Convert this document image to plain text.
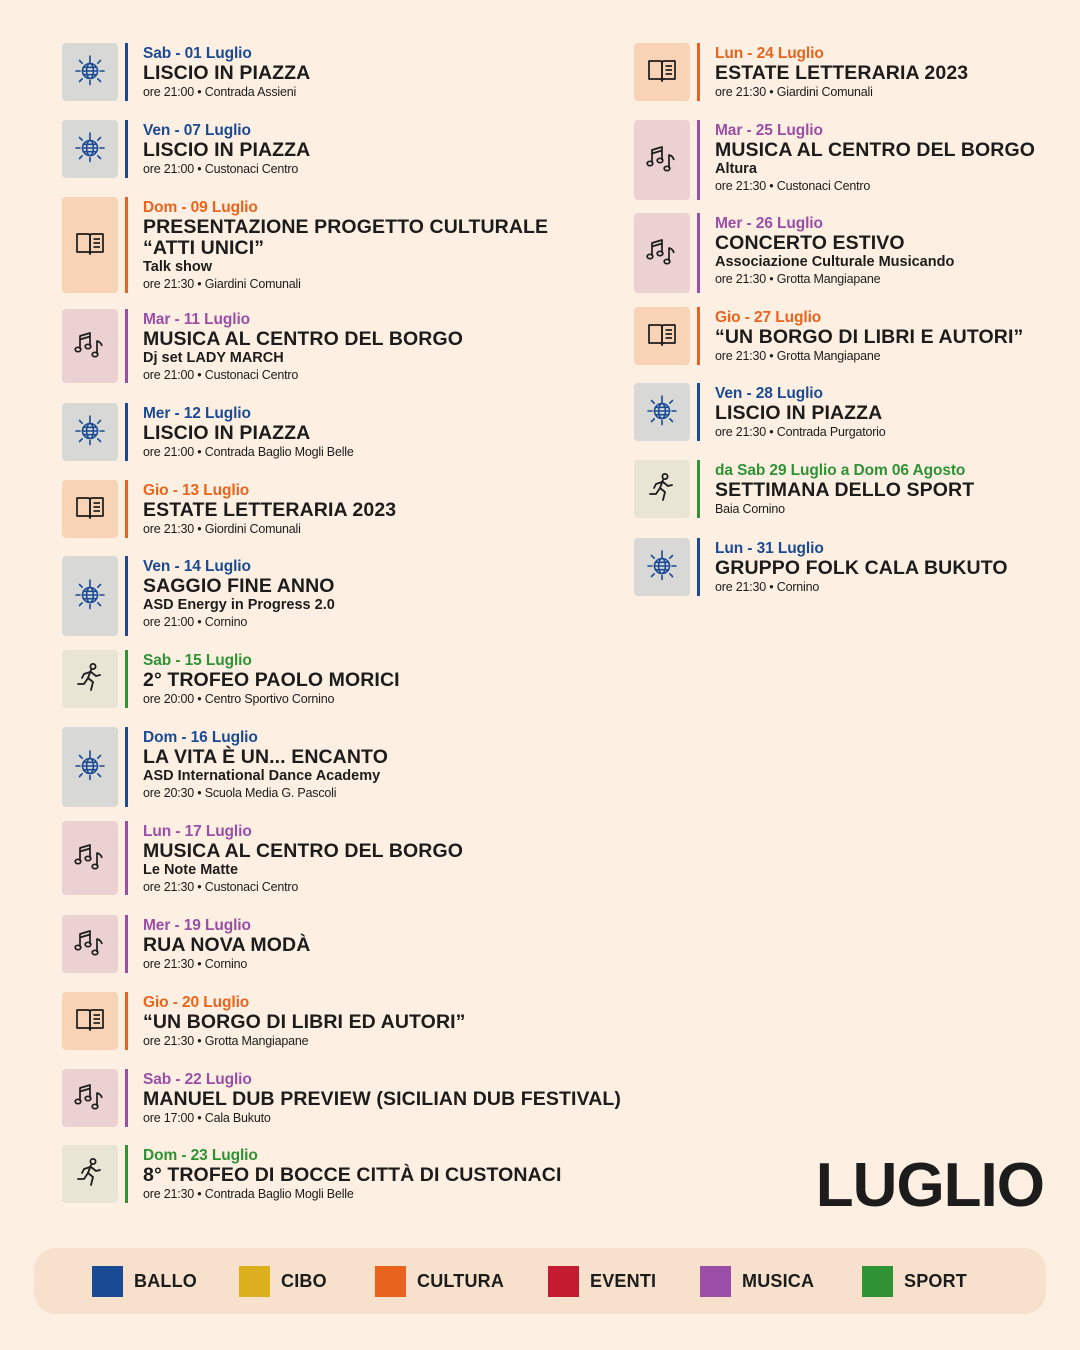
Sab - 01 Luglio
LISCIO IN PIAZZA
ore 21:00 • Contrada Assieni
Ven - 07 Luglio
LISCIO IN PIAZZA
ore 21:00 • Custonaci Centro
Dom - 09 Luglio
PRESENTAZIONE PROGETTO CULTURALE
“ATTI UNICI”
Talk show
ore 21:30 • Giardini Comunali
Mar - 11 Luglio
MUSICA AL CENTRO DEL BORGO
Dj set LADY MARCH
ore 21:00 • Custonaci Centro
Mer - 12 Luglio
LISCIO IN PIAZZA
ore 21:00 • Contrada Baglio Mogli Belle
Gio - 13 Luglio
ESTATE LETTERARIA 2023
ore 21:30 • Giordini Comunali
Ven - 14 Luglio
SAGGIO FINE ANNO
ASD Energy in Progress 2.0
ore 21:00 • Cornino
Sab - 15 Luglio
2° TROFEO PAOLO MORICI
ore 20:00 • Centro Sportivo Cornino
Dom - 16 Luglio
LA VITA È UN... ENCANTO
ASD International Dance Academy
ore 20:30 • Scuola Media G. Pascoli
Lun - 17 Luglio
MUSICA AL CENTRO DEL BORGO
Le Note Matte
ore 21:30 • Custonaci Centro
Mer - 19 Luglio
RUA NOVA MODÀ
ore 21:30 • Cornino
Gio - 20 Luglio
“UN BORGO DI LIBRI ED AUTORI”
ore 21:30 • Grotta Mangiapane
Sab - 22 Luglio
MANUEL DUB PREVIEW (SICILIAN DUB FESTIVAL)
ore 17:00 • Cala Bukuto
Dom - 23 Luglio
8° TROFEO DI BOCCE CITTÀ DI CUSTONACI
ore 21:30 • Contrada Baglio Mogli Belle
Lun - 24 Luglio
ESTATE LETTERARIA 2023
ore 21:30 • Giardini Comunali
Mar - 25 Luglio
MUSICA AL CENTRO DEL BORGO
Altura
ore 21:30 • Custonaci Centro
Mer - 26 Luglio
CONCERTO ESTIVO
Associazione Culturale Musicando
ore 21:30 • Grotta Mangiapane
Gio - 27 Luglio
“UN BORGO DI LIBRI E AUTORI”
ore 21:30 • Grotta Mangiapane
Ven - 28 Luglio
LISCIO IN PIAZZA
ore 21:30 • Contrada Purgatorio
da Sab 29 Luglio a Dom 06 Agosto
SETTIMANA DELLO SPORT
Baia Cornino
Lun - 31 Luglio
GRUPPO FOLK CALA BUKUTO
ore 21:30 • Cornino
LUGLIO
BALLO	CIBO	CULTURA	EVENTI	MUSICA	SPORT
